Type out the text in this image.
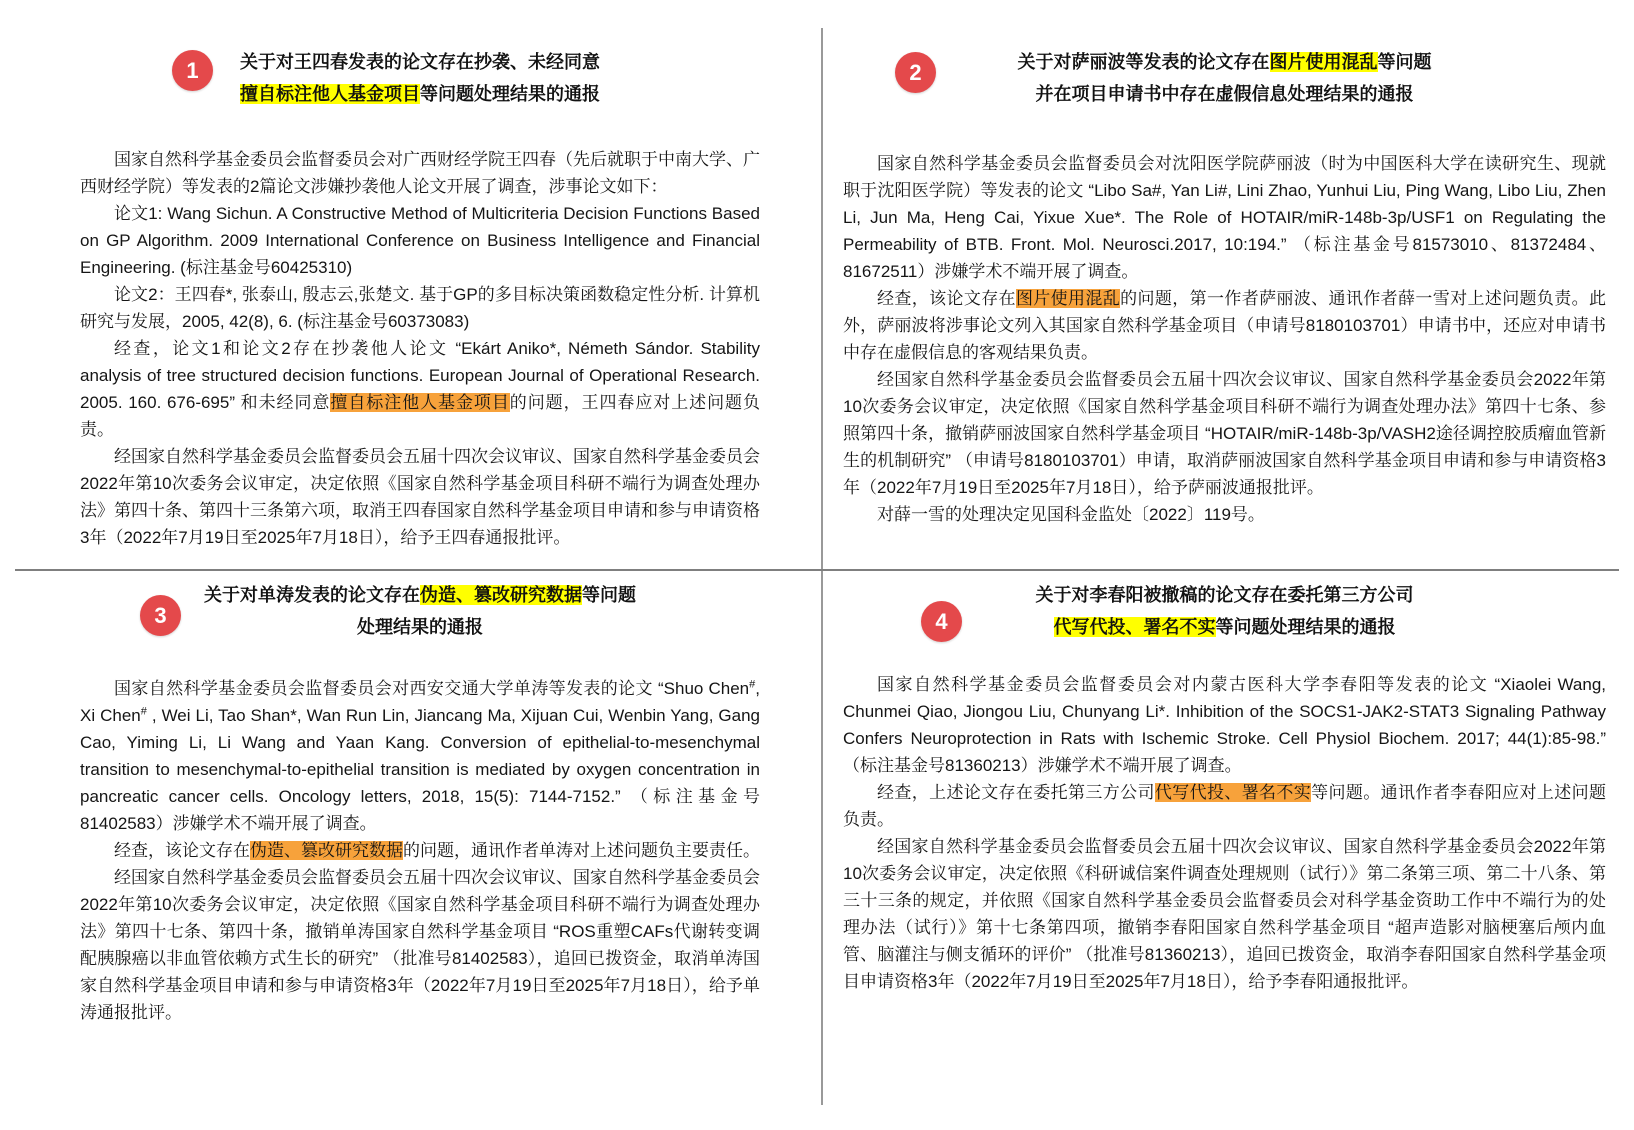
1	关于对王四春发表的论文存在抄袭、未经同意
擅自标注他人基金项目等问题处理结果的通报

国家自然科学基金委员会监督委员会对广西财经学院王四春（先后就职于中南大学、广西财经学院）等发表的2篇论文涉嫌抄袭他人论文开展了调查，涉事论文如下：

论文1: Wang Sichun. A Constructive Method of Multicriteria Decision Functions Based on GP Algorithm. 2009 International Conference on Business Intelligence and Financial Engineering. (标注基金号60425310)

论文2：王四春*, 张泰山, 殷志云,张楚文. 基于GP的多目标决策函数稳定性分析. 计算机研究与发展，2005, 42(8), 6. (标注基金号60373083)

经查，论文1和论文2存在抄袭他人论文 “Ekárt Aniko*, Németh Sándor. Stability analysis of tree structured decision functions. European Journal of Operational Research. 2005. 160. 676-695” 和未经同意擅自标注他人基金项目的问题，王四春应对上述问题负责。

经国家自然科学基金委员会监督委员会五届十四次会议审议、国家自然科学基金委员会2022年第10次委务会议审定，决定依照《国家自然科学基金项目科研不端行为调查处理办法》第四十条、第四十三条第六项，取消王四春国家自然科学基金项目申请和参与申请资格3年（2022年7月19日至2025年7月18日），给予王四春通报批评。

2	关于对萨丽波等发表的论文存在图片使用混乱等问题
并在项目申请书中存在虚假信息处理结果的通报

国家自然科学基金委员会监督委员会对沈阳医学院萨丽波（时为中国医科大学在读研究生、现就职于沈阳医学院）等发表的论文 “Libo Sa#, Yan Li#, Lini Zhao, Yunhui Liu, Ping Wang, Libo Liu, Zhen Li, Jun Ma, Heng Cai, Yixue Xue*. The Role of HOTAIR/miR-148b-3p/USF1 on Regulating the Permeability of BTB. Front. Mol. Neurosci.2017, 10:194.” （标注基金号81573010、81372484、81672511）涉嫌学术不端开展了调查。

经查，该论文存在图片使用混乱的问题，第一作者萨丽波、通讯作者薛一雪对上述问题负责。此外，萨丽波将涉事论文列入其国家自然科学基金项目（申请号8180103701）申请书中，还应对申请书中存在虚假信息的客观结果负责。

经国家自然科学基金委员会监督委员会五届十四次会议审议、国家自然科学基金委员会2022年第10次委务会议审定，决定依照《国家自然科学基金项目科研不端行为调查处理办法》第四十七条、参照第四十条，撤销萨丽波国家自然科学基金项目 “HOTAIR/miR-148b-3p/VASH2途径调控胶质瘤血管新生的机制研究” （申请号8180103701）申请，取消萨丽波国家自然科学基金项目申请和参与申请资格3年（2022年7月19日至2025年7月18日），给予萨丽波通报批评。

对薛一雪的处理决定见国科金监处〔2022〕119号。

3
关于对单涛发表的论文存在伪造、篡改研究数据等问题
处理结果的通报

国家自然科学基金委员会监督委员会对西安交通大学单涛等发表的论文 “Shuo Chen#, Xi Chen# , Wei Li, Tao Shan*, Wan Run Lin, Jiancang Ma, Xijuan Cui, Wenbin Yang, Gang Cao, Yiming Li, Li Wang and Yaan Kang. Conversion of epithelial-to-mesenchymal transition to mesenchymal-to-epithelial transition is mediated by oxygen concentration in pancreatic cancer cells. Oncology letters, 2018, 15(5): 7144-7152.” （标注基金号81402583）涉嫌学术不端开展了调查。

经查，该论文存在伪造、篡改研究数据的问题，通讯作者单涛对上述问题负主要责任。

经国家自然科学基金委员会监督委员会五届十四次会议审议、国家自然科学基金委员会2022年第10次委务会议审定，决定依照《国家自然科学基金项目科研不端行为调查处理办法》第四十七条、第四十条，撤销单涛国家自然科学基金项目 “ROS重塑CAFs代谢转变调配胰腺癌以非血管依赖方式生长的研究” （批准号81402583），追回已拨资金，取消单涛国家自然科学基金项目申请和参与申请资格3年（2022年7月19日至2025年7月18日），给予单涛通报批评。

4
关于对李春阳被撤稿的论文存在委托第三方公司
代写代投、署名不实等问题处理结果的通报

国家自然科学基金委员会监督委员会对内蒙古医科大学李春阳等发表的论文 “Xiaolei Wang, Chunmei Qiao, Jiongou Liu, Chunyang Li*. Inhibition of the SOCS1-JAK2-STAT3 Signaling Pathway Confers Neuroprotection in Rats with Ischemic Stroke. Cell Physiol Biochem. 2017; 44(1):85-98.” （标注基金号81360213）涉嫌学术不端开展了调查。

经查，上述论文存在委托第三方公司代写代投、署名不实等问题。通讯作者李春阳应对上述问题负责。

经国家自然科学基金委员会监督委员会五届十四次会议审议、国家自然科学基金委员会2022年第10次委务会议审定，决定依照《科研诚信案件调查处理规则（试行）》第二条第三项、第二十八条、第三十三条的规定，并依照《国家自然科学基金委员会监督委员会对科学基金资助工作中不端行为的处理办法（试行）》第十七条第四项，撤销李春阳国家自然科学基金项目 “超声造影对脑梗塞后颅内血管、脑灌注与侧支循环的评价” （批准号81360213），追回已拨资金，取消李春阳国家自然科学基金项目申请资格3年（2022年7月19日至2025年7月18日），给予李春阳通报批评。
